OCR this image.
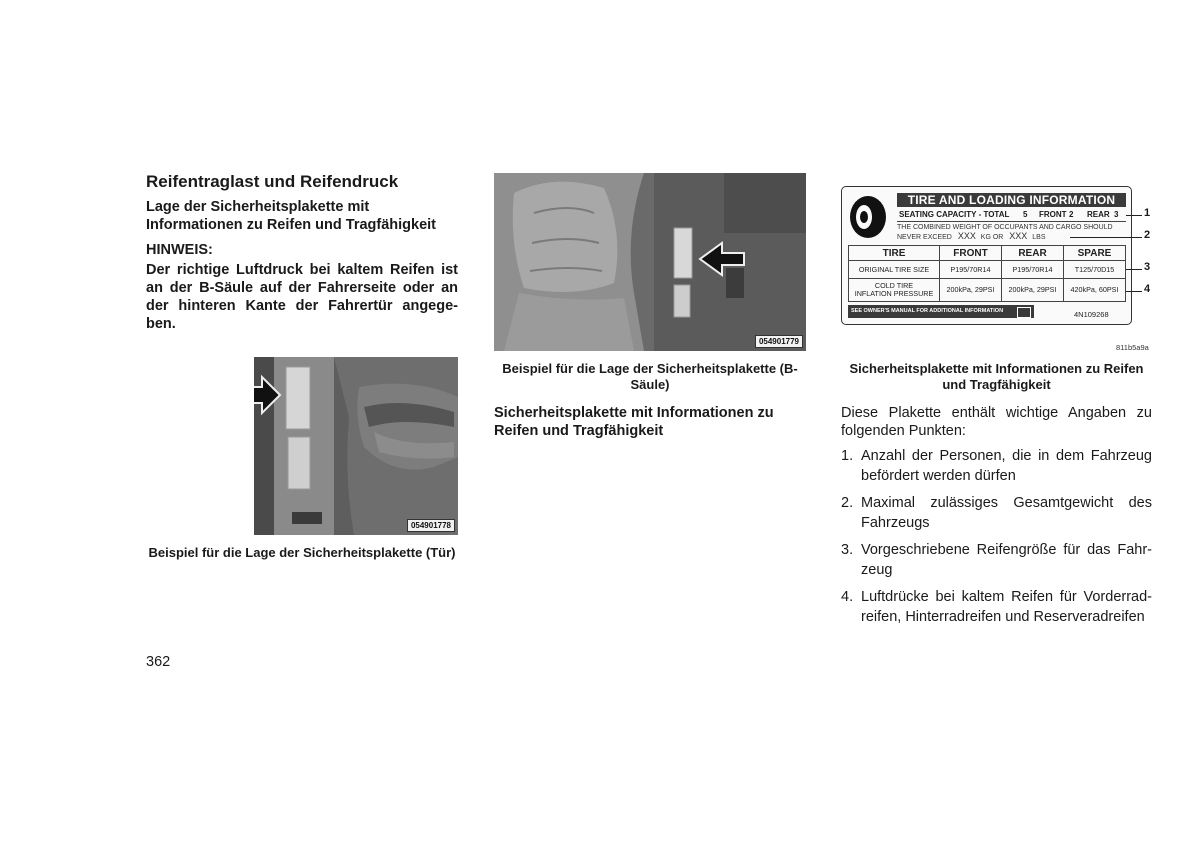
Reifentraglast und Reifendruck
Lage der Sicherheitsplakette mit Informationen zu Reifen und Tragfähigkeit
HINWEIS:
Der richtige Luftdruck bei kaltem Reifen ist an der B-Säule auf der Fahrerseite oder an der hinteren Kante der Fahrertür angege-ben.
054901778
Beispiel für die Lage der Sicherheitsplakette (Tür)
054901779
Beispiel für die Lage der Sicherheitsplakette (B-Säule)
Sicherheitsplakette mit Informationen zu Reifen und Tragfähigkeit
TIRE AND LOADING INFORMATION
SEATING CAPACITY - TOTAL 5 FRONT 2 REAR 3
THE COMBINED WEIGHT OF OCCUPANTS AND CARGO SHOULD
NEVER EXCEED XXX KG OR XXX LBS
TIRE	FRONT	REAR	SPARE
ORIGINAL TIRE SIZE	P195/70R14	P195/70R14	T125/70D15

COLD TIRE
INFLATION PRESSURE	200kPa, 29PSI	200kPa, 29PSI	420kPa, 60PSI
SEE OWNER'S MANUAL FOR ADDITIONAL INFORMATION	4N109268
1
2
3
4
811b5a9a
Sicherheitsplakette mit Informationen zu Reifen und Tragfähigkeit
Diese Plakette enthält wichtige Angaben zu folgenden Punkten:
1. Anzahl der Personen, die in dem Fahrzeug befördert werden dürfen
2. Maximal zulässiges Gesamtgewicht des Fahrzeugs
3. Vorgeschriebene Reifengröße für das Fahr-zeug
4. Luftdrücke bei kaltem Reifen für Vorderrad-reifen, Hinterradreifen und Reserveradreifen
362
